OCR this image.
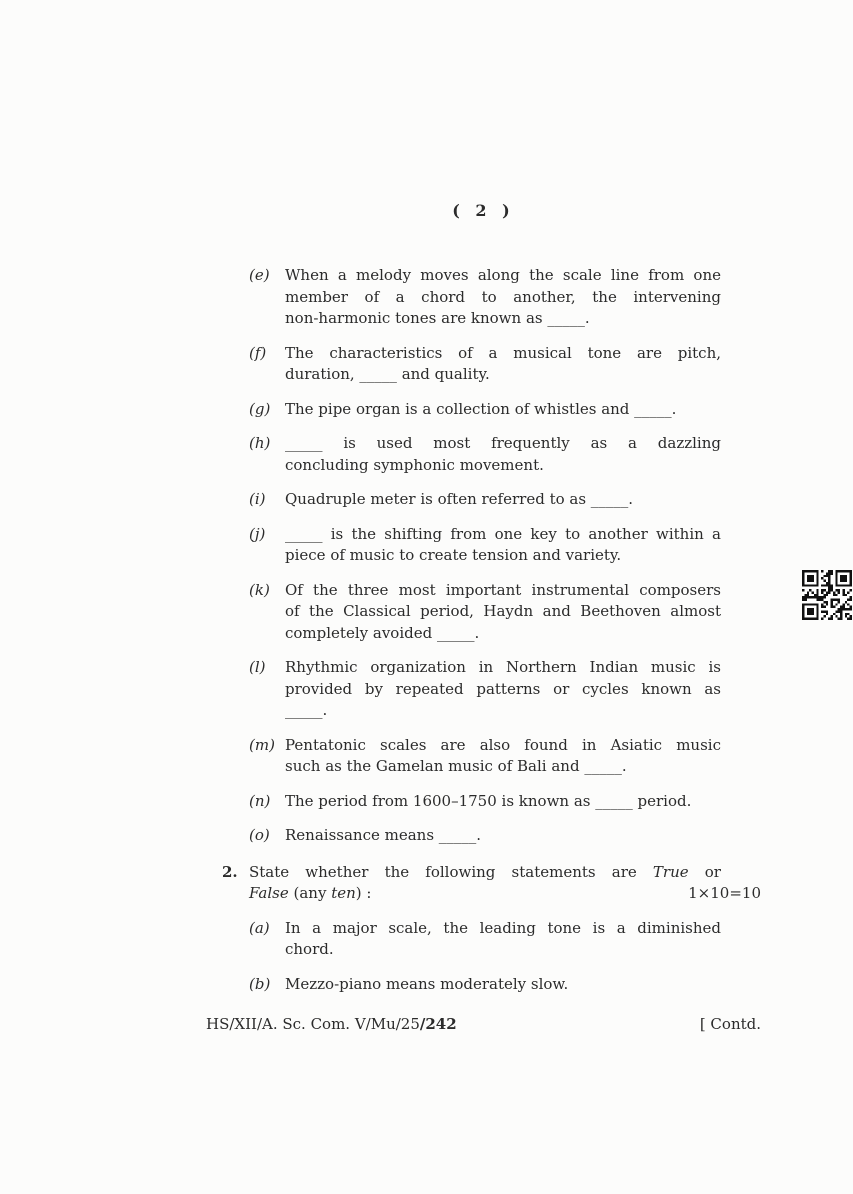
( 2 )
(e)	When a melody moves along the scale line from one
member of a chord to another, the intervening
non-harmonic tones are known as _____.
(f)	The characteristics of a musical tone are pitch,
duration, _____ and quality.
(g) The pipe organ is a collection of whistles and _____.
(h) _____ is used most frequently as a dazzling
concluding symphonic movement.
(i)	Quadruple meter is often referred to as _____.
(j)	_____ is the shifting from one key to another within a
piece of music to create tension and variety.
(k)	Of the three most important instrumental composers
of the Classical period, Haydn and Beethoven almost
completely avoided _____.
(l)	Rhythmic organization in Northern Indian music is
provided by repeated patterns or cycles known as
_____.
(m) Pentatonic scales are also found in Asiatic music
such as the Gamelan music of Bali and _____.
(n) The period from 1600–1750 is known as _____ period.
(o)	Renaissance means _____.
2. State whether the following statements are True or
False (any ten) :	1×10=10
(a)	In a major scale, the leading tone is a diminished
chord.
(b) Mezzo-piano means moderately slow.
HS/XII/A. Sc. Com. V/Mu/25/242	[ Contd.
